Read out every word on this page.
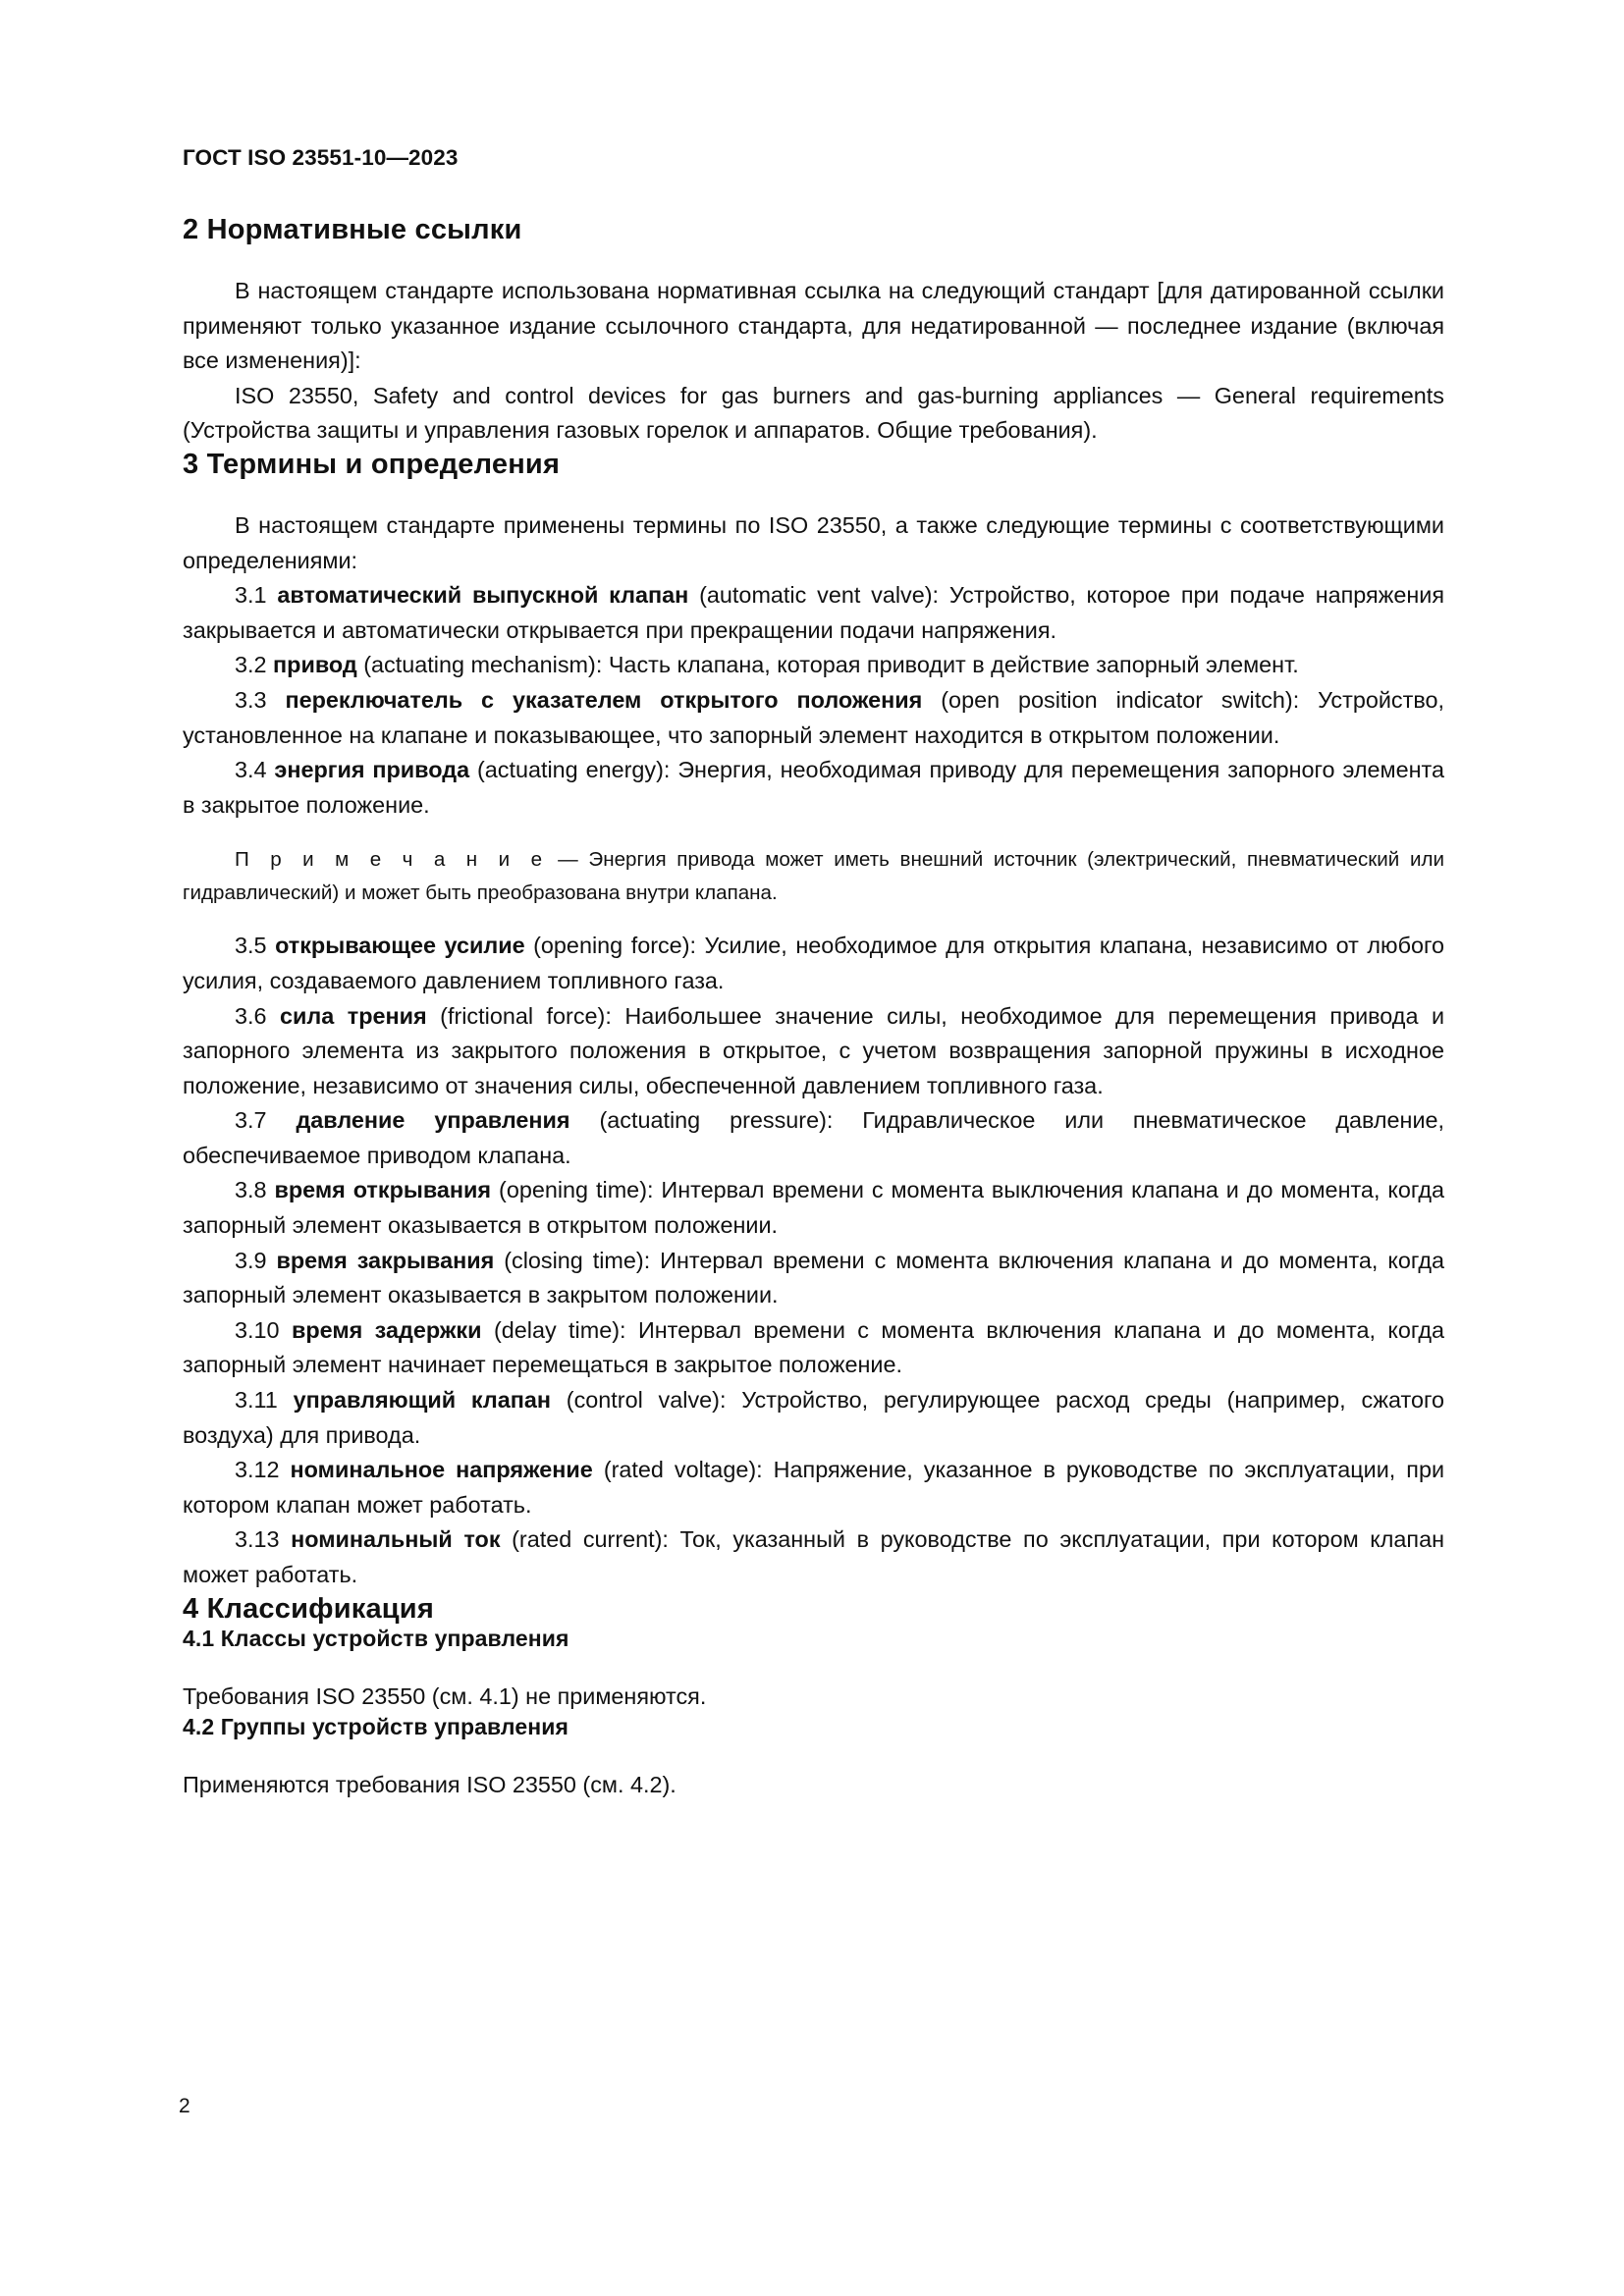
ГОСТ ISO 23551-10—2023
2 Нормативные ссылки

В настоящем стандарте использована нормативная ссылка на следующий стандарт [для датированной ссылки применяют только указанное издание ссылочного стандарта, для недатированной — последнее издание (включая все изменения)]:

ISO 23550, Safety and control devices for gas burners and gas-burning appliances — General requirements (Устройства защиты и управления газовых горелок и аппаратов. Общие требования).

3 Термины и определения

В настоящем стандарте применены термины по ISO 23550, а также следующие термины с соответствующими определениями:

3.1 автоматический выпускной клапан (automatic vent valve): Устройство, которое при подаче напряжения закрывается и автоматически открывается при прекращении подачи напряжения.

3.2 привод (actuating mechanism): Часть клапана, которая приводит в действие запорный элемент.

3.3 переключатель с указателем открытого положения (open position indicator switch): Устройство, установленное на клапане и показывающее, что запорный элемент находится в открытом положении.

3.4 энергия привода (actuating energy): Энергия, необходимая приводу для перемещения запорного элемента в закрытое положение.

П р и м е ч а н и е — Энергия привода может иметь внешний источник (электрический, пневматический или гидравлический) и может быть преобразована внутри клапана.

3.5 открывающее усилие (opening force): Усилие, необходимое для открытия клапана, независимо от любого усилия, создаваемого давлением топливного газа.

3.6 сила трения (frictional force): Наибольшее значение силы, необходимое для перемещения привода и запорного элемента из закрытого положения в открытое, с учетом возвращения запорной пружины в исходное положение, независимо от значения силы, обеспеченной давлением топливного газа.

3.7 давление управления (actuating pressure): Гидравлическое или пневматическое давление, обеспечиваемое приводом клапана.

3.8 время открывания (opening time): Интервал времени с момента выключения клапана и до момента, когда запорный элемент оказывается в открытом положении.

3.9 время закрывания (closing time): Интервал времени с момента включения клапана и до момента, когда запорный элемент оказывается в закрытом положении.

3.10 время задержки (delay time): Интервал времени с момента включения клапана и до момента, когда запорный элемент начинает перемещаться в закрытое положение.

3.11 управляющий клапан (control valve): Устройство, регулирующее расход среды (например, сжатого воздуха) для привода.

3.12 номинальное напряжение (rated voltage): Напряжение, указанное в руководстве по эксплуатации, при котором клапан может работать.

3.13 номинальный ток (rated current): Ток, указанный в руководстве по эксплуатации, при котором клапан может работать.

4 Классификация
4.1 Классы устройств управления

Требования ISO 23550 (см. 4.1) не применяются.

4.2 Группы устройств управления

Применяются требования ISO 23550 (см. 4.2).

2
